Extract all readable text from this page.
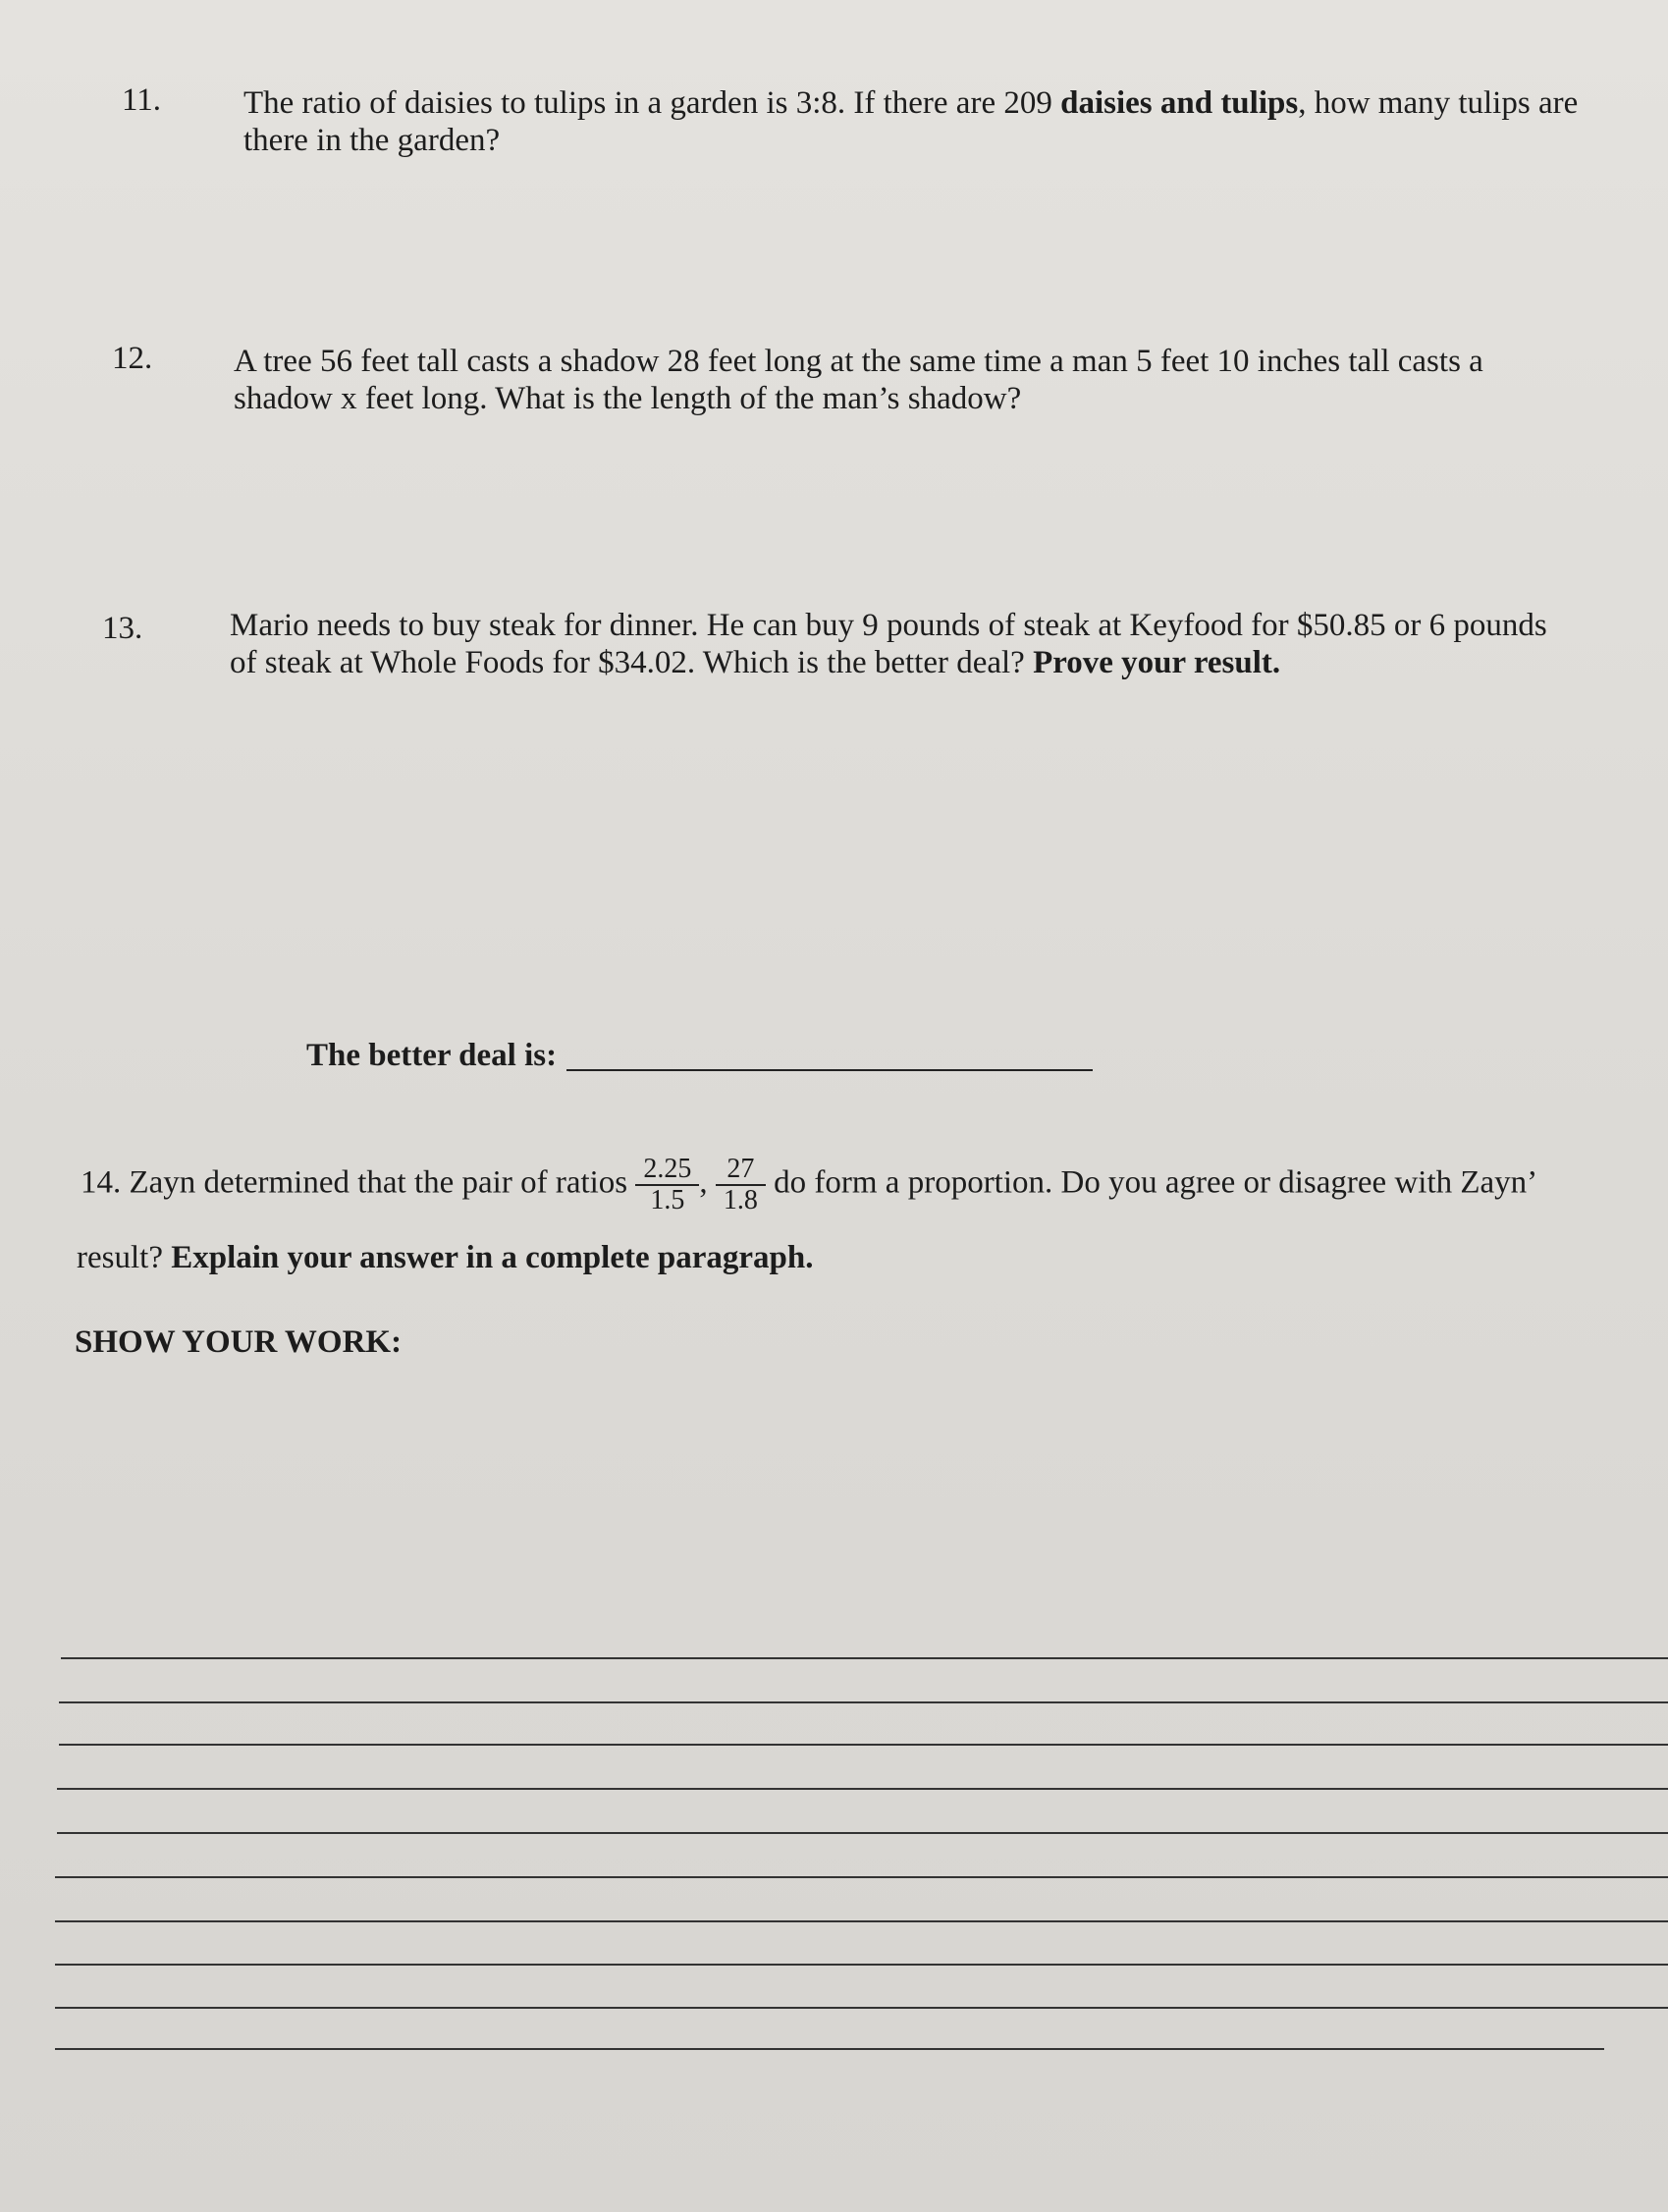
11.	The ratio of daisies to tulips in a garden is 3:8. If there are 209 daisies and tulips, how many tulips are
there in the garden?
12.	A tree 56 feet tall casts a shadow 28 feet long at the same time a man 5 feet 10 inches tall casts a
shadow x feet long. What is the length of the man’s shadow?
13.	Mario needs to buy steak for dinner. He can buy 9 pounds of steak at Keyfood for $50.85 or 6 pounds
of steak at Whole Foods for $34.02. Which is the better deal? Prove your result.
The better deal is:
14. Zayn determined that the pair of ratios $\frac{2.25}{1.5}$ , $\frac{27}{1.8}$ do form a proportion. Do you agree or disagree with Zayn’
result? Explain your answer in a complete paragraph.
SHOW YOUR WORK:
